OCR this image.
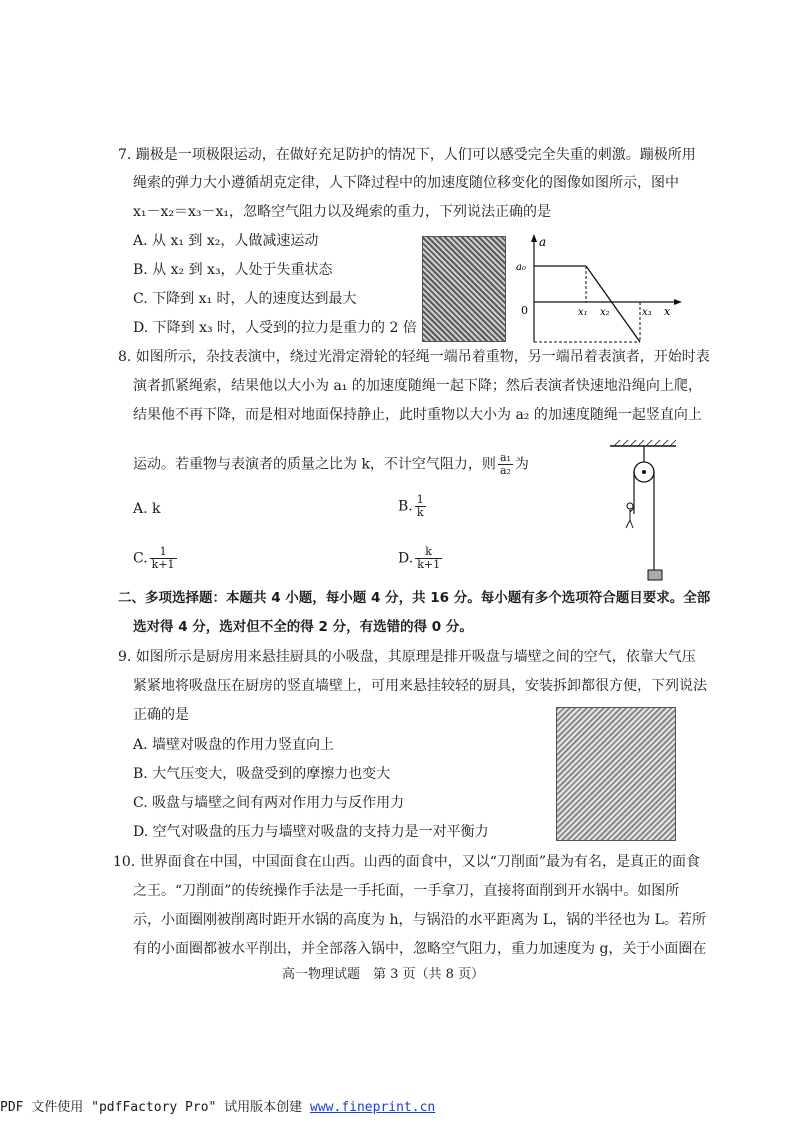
7. 蹦极是一项极限运动，在做好充足防护的情况下，人们可以感受完全失重的刺激。蹦极所用
绳索的弹力大小遵循胡克定律，人下降过程中的加速度随位移变化的图像如图所示，图中
x₁－x₂＝x₃－x₁，忽略空气阻力以及绳索的重力，下列说法正确的是
A. 从 x₁ 到 x₂，人做减速运动
B. 从 x₂ 到 x₃，人处于失重状态
C. 下降到 x₁ 时，人的速度达到最大
D. 下降到 x₃ 时，人受到的拉力是重力的 2 倍
a
a₀
0	x₁ x₂	x₃ x
8. 如图所示，杂技表演中，绕过光滑定滑轮的轻绳一端吊着重物，另一端吊着表演者，开始时表
演者抓紧绳索，结果他以大小为 a₁ 的加速度随绳一起下降；然后表演者快速地沿绳向上爬，
结果他不再下降，而是相对地面保持静止，此时重物以大小为 a₂ 的加速度随绳一起竖直向上
运动。若重物与表演者的质量之比为 k，不计空气阻力，则 $\frac{\text{a₁}}{\text{a₂}}$ 为
A. k	B. $\frac{1}{k}$
C. $\frac{1}{k+1}$	D. $\frac{k}{k+1}$
二、多项选择题：本题共 4 小题，每小题 4 分，共 16 分。每小题有多个选项符合题目要求。全部
选对得 4 分，选对但不全的得 2 分，有选错的得 0 分。
9. 如图所示是厨房用来悬挂厨具的小吸盘，其原理是排开吸盘与墙壁之间的空气，依靠大气压
紧紧地将吸盘压在厨房的竖直墙壁上，可用来悬挂较轻的厨具，安装拆卸都很方便，下列说法
正确的是
A. 墙壁对吸盘的作用力竖直向上
B. 大气压变大，吸盘受到的摩擦力也变大
C. 吸盘与墙壁之间有两对作用力与反作用力
D. 空气对吸盘的压力与墙壁对吸盘的支持力是一对平衡力
10. 世界面食在中国，中国面食在山西。山西的面食中，又以“刀削面”最为有名，是真正的面食
之王。“刀削面”的传统操作手法是一手托面，一手拿刀，直接将面削到开水锅中。如图所
示，小面圈刚被削离时距开水锅的高度为 h，与锅沿的水平距离为 L，锅的半径也为 L。若所
有的小面圈都被水平削出，并全部落入锅中，忽略空气阻力，重力加速度为 g，关于小面圈在
高一物理试题　第 3 页（共 8 页）
PDF 文件使用 "pdfFactory Pro" 试用版本创建 www.fineprint.cn
